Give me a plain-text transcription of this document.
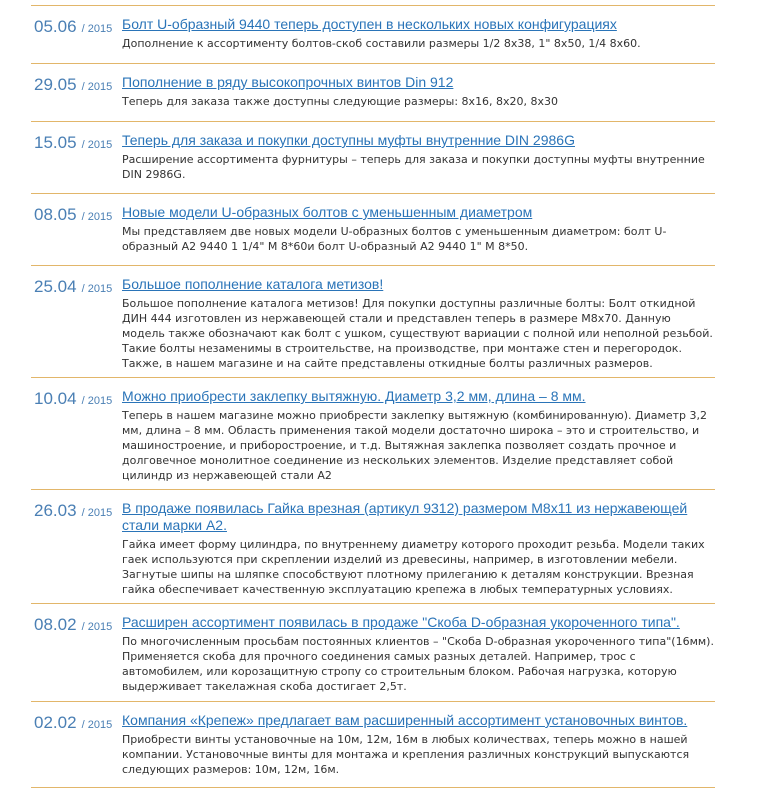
05.06 / 2015 Болт U-образный 9440 теперь доступен в нескольких новых конфигурациях

Дополнение к ассортименту болтов-скоб составили размеры 1/2 8х38, 1" 8х50, 1/4 8х60.

29.05 / 2015 Пополнение в ряду высокопрочных винтов Din 912

Теперь для заказа также доступны следующие размеры: 8х16, 8х20, 8х30

15.05 / 2015 Теперь для заказа и покупки доступны муфты внутренние DIN 2986G

Расширение ассортимента фурнитуры – теперь для заказа и покупки доступны муфты внутренние DIN 2986G.

08.05 / 2015 Новые модели U-образных болтов с уменьшенным диаметром

Мы представляем две новых модели U-образных болтов с уменьшенным диаметром: болт U-образный А2 9440 1 1/4" М 8*60и болт U-образный А2 9440 1" М 8*50.

25.04 / 2015 Большое пополнение каталога метизов!

Большое пополнение каталога метизов! Для покупки доступны различные болты: Болт откидной ДИН 444 изготовлен из нержавеющей стали и представлен теперь в размере М8х70. Данную модель также обозначают как болт с ушком, существуют вариации с полной или неполной резьбой. Такие болты незаменимы в строительстве, на производстве, при монтаже стен и перегородок. Также, в нашем магазине и на сайте представлены откидные болты различных размеров.

10.04 / 2015 Можно приобрести заклепку вытяжную. Диаметр 3,2 мм, длина – 8 мм.

Теперь в нашем магазине можно приобрести заклепку вытяжную (комбинированную). Диаметр 3,2 мм, длина – 8 мм. Область применения такой модели достаточно широка – это и строительство, и машиностроение, и приборостроение, и т.д. Вытяжная заклепка позволяет создать прочное и долговечное монолитное соединение из нескольких элементов. Изделие представляет собой цилиндр из нержавеющей стали А2

26.03 / 2015 В продаже появилась Гайка врезная (артикул 9312) размером М8х11 из нержавеющей стали марки А2.

Гайка имеет форму цилиндра, по внутреннему диаметру которого проходит резьба. Модели таких гаек используются при скреплении изделий из древесины, например, в изготовлении мебели. Загнутые шипы на шляпке способствуют плотному прилеганию к деталям конструкции. Врезная гайка обеспечивает качественную эксплуатацию крепежа в любых температурных условиях.

08.02 / 2015 Расширен ассортимент появилась в продаже "Скоба D-образная укороченного типа".

По многочисленным просьбам постоянных клиентов – "Скоба D-образная укороченного типа"(16мм). Применяется скоба для прочного соединения самых разных деталей. Например, трос с автомобилем, или корозащитную стропу со строительным блоком. Рабочая нагрузка, которую выдерживает такелажная скоба достигает 2,5т.

02.02 / 2015 Компания «Крепеж» предлагает вам расширенный ассортимент установочных винтов.

Приобрести винты установочные на 10м, 12м, 16м в любых количествах, теперь можно в нашей компании. Установочные винты для монтажа и крепления различных конструкций выпускаются следующих размеров: 10м, 12м, 16м.
